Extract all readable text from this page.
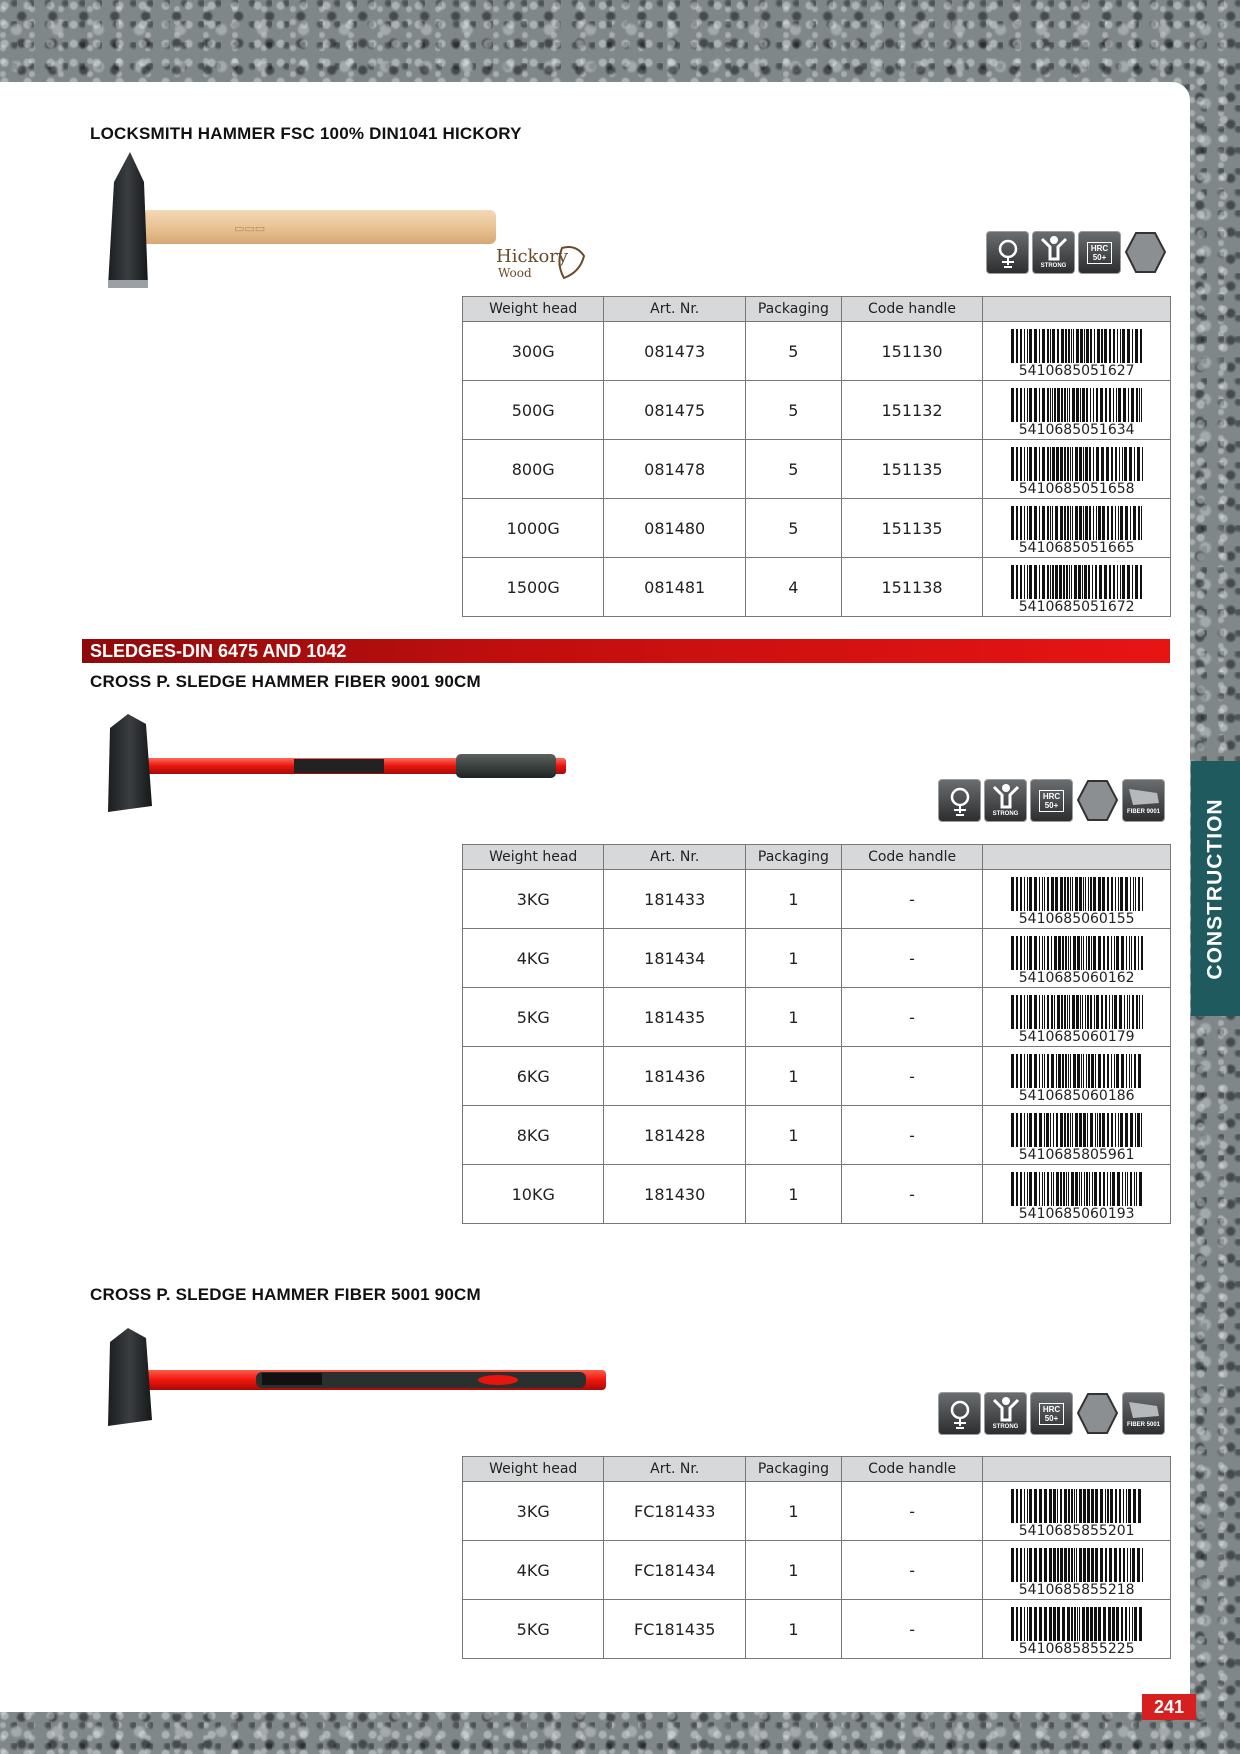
CONSTRUCTION
241
LOCKSMITH HAMMER FSC 100% DIN1041 HICKORY
▭▭▭
Hickory
Wood
STRONG
HRC
50+
Weight head	Art. Nr.	Packaging	Code handle	
300G	081473	5	151130	5410685051627

500G	081475	5	151132	5410685051634

800G	081478	5	151135	5410685051658

1000G	081480	5	151135	5410685051665

1500G	081481	4	151138	5410685051672
SLEDGES-DIN 6475 AND 1042
CROSS P. SLEDGE HAMMER FIBER 9001 90CM
STRONG
HRC
50+
FIBER 9001
Weight head	Art. Nr.	Packaging	Code handle	
3KG	181433	1	-	5410685060155

4KG	181434	1	-	5410685060162

5KG	181435	1	-	5410685060179

6KG	181436	1	-	5410685060186

8KG	181428	1	-	5410685805961

10KG	181430	1	-	5410685060193
CROSS P. SLEDGE HAMMER FIBER 5001 90CM
STRONG
HRC
50+
FIBER 5001
Weight head	Art. Nr.	Packaging	Code handle	
3KG	FC181433	1	-	5410685855201

4KG	FC181434	1	-	5410685855218

5KG	FC181435	1	-	5410685855225
